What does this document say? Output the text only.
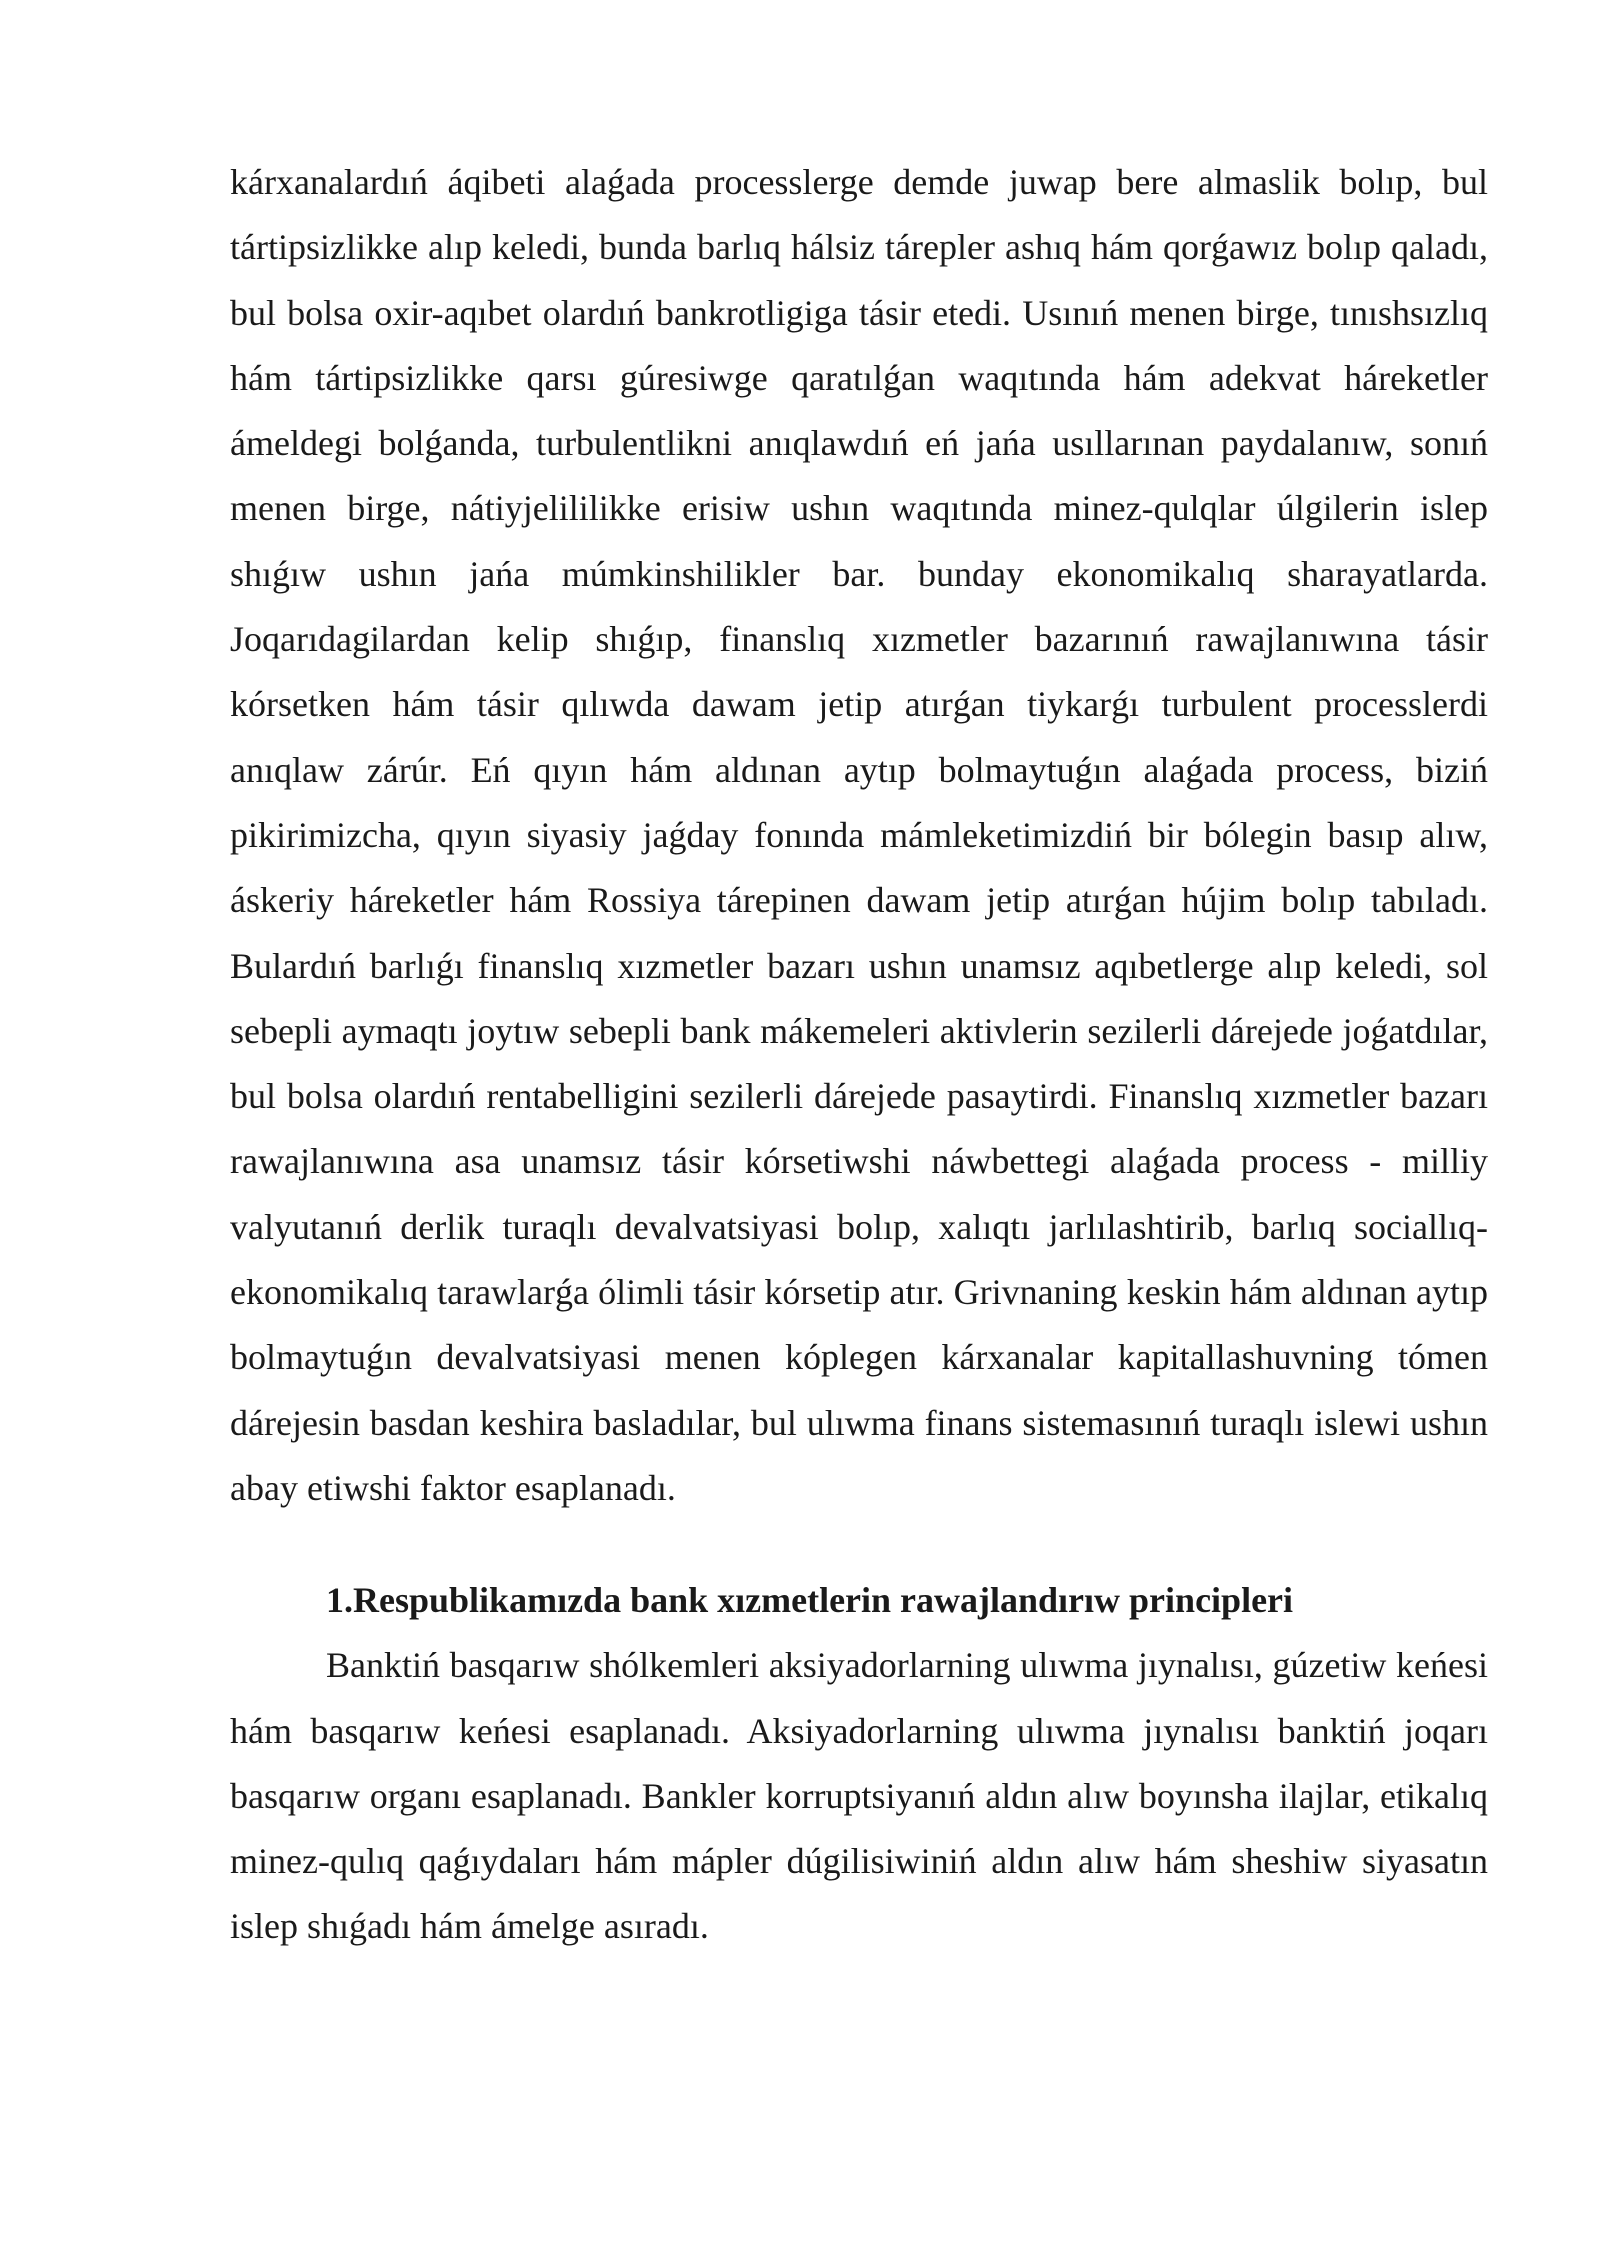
kárxanalardıń áqibeti alaǵada processlerge demde juwap bere almaslik bolıp, bul tártipsizlikke alıp keledi, bunda barlıq hálsiz tárepler ashıq hám qorǵawız bolıp qaladı, bul bolsa oxir-aqıbet olardıń bankrotligiga tásir etedi. Usınıń menen birge, tınıshsızlıq hám tártipsizlikke qarsı gúresiwge qaratılǵan waqıtında hám adekvat háreketler ámeldegi bolǵanda, turbulentlikni anıqlawdıń eń jańa usıllarınan paydalanıw, sonıń menen birge, nátiyjelililikke erisiw ushın waqıtında minez-qulqlar úlgilerin islep shıǵıw ushın jańa múmkinshilikler bar. bunday ekonomikalıq sharayatlarda. Joqarıdagilardan kelip shıǵıp, finanslıq xızmetler bazarınıń rawajlanıwına tásir kórsetken hám tásir qılıwda dawam jetip atırǵan tiykarǵı turbulent processlerdi anıqlaw zárúr. Eń qıyın hám aldınan aytıp bolmaytuǵın alaǵada process, biziń pikirimizcha, qıyın siyasiy jaǵday fonında mámleketimizdiń bir bólegin basıp alıw, áskeriy háreketler hám Rossiya tárepinen dawam jetip atırǵan hújim bolıp tabıladı. Bulardıń barlıǵı finanslıq xızmetler bazarı ushın unamsız aqıbetlerge alıp keledi, sol sebepli aymaqtı joytıw sebepli bank mákemeleri aktivlerin sezilerli dárejede joǵatdılar, bul bolsa olardıń rentabelligini sezilerli dárejede pasaytirdi. Finanslıq xızmetler bazarı rawajlanıwına asa unamsız tásir kórsetiwshi náwbettegi alaǵada process - milliy valyutanıń derlik turaqlı devalvatsiyasi bolıp, xalıqtı jarlılashtirib, barlıq sociallıq-ekonomikalıq tarawlarǵa ólimli tásir kórsetip atır. Grivnaning keskin hám aldınan aytıp bolmaytuǵın devalvatsiyasi menen kóplegen kárxanalar kapitallashuvning tómen dárejesin basdan keshira basladılar, bul ulıwma finans sistemasınıń turaqlı islewi ushın abay etiwshi faktor esaplanadı.

1.Respublikamızda bank xızmetlerin rawajlandırıw principleri

Banktiń basqarıw shólkemleri aksiyadorlarning ulıwma jıynalısı, gúzetiw keńesi hám basqarıw keńesi esaplanadı. Aksiyadorlarning ulıwma jıynalısı banktiń joqarı basqarıw organı esaplanadı. Bankler korruptsiyanıń aldın alıw boyınsha ilajlar, etikalıq minez-qulıq qaǵıydaları hám mápler dúgilisiwiniń aldın alıw hám sheshiw siyasatın islep shıǵadı hám ámelge asıradı.
